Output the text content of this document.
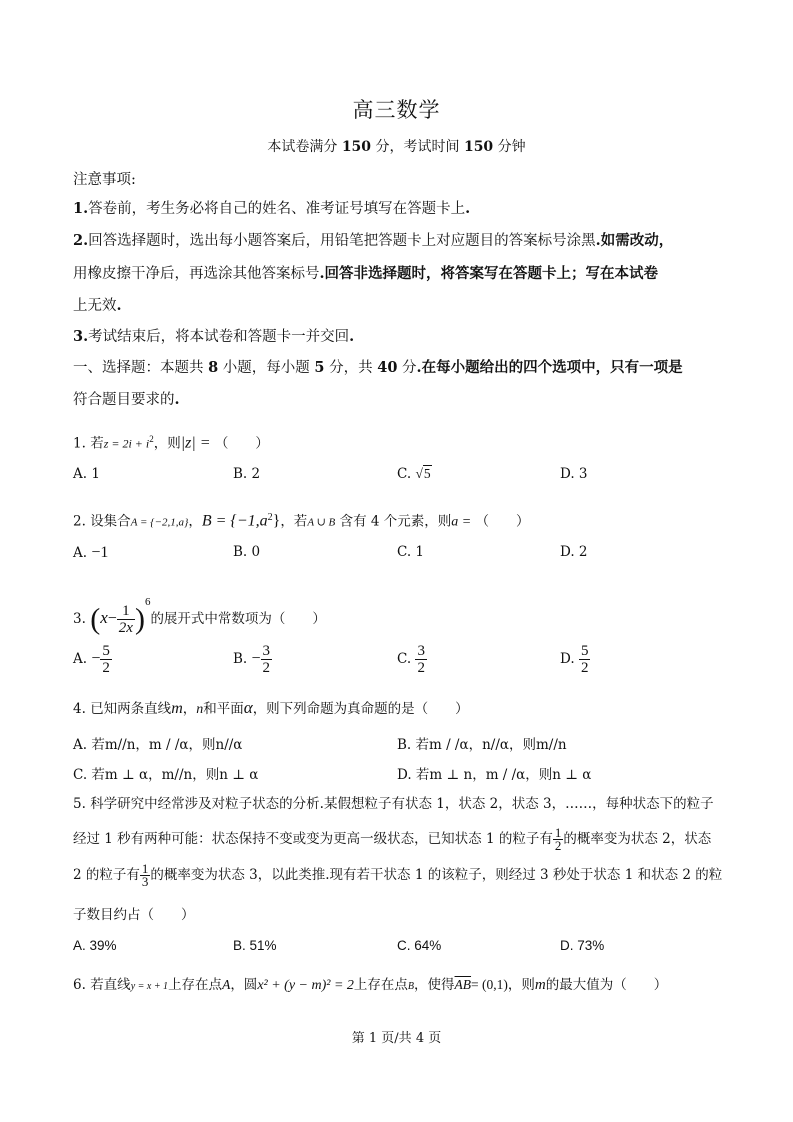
高三数学
本试卷满分 150 分，考试时间 150 分钟
注意事项:
1.答卷前，考生务必将自己的姓名、准考证号填写在答题卡上.
2.回答选择题时，选出每小题答案后，用铅笔把答题卡上对应题目的答案标号涂黑.如需改动，
用橡皮擦干净后，再选涂其他答案标号.回答非选择题时，将答案写在答题卡上；写在本试卷
上无效.
3.考试结束后，将本试卷和答题卡一并交回.
一、选择题：本题共 8 小题，每小题 5 分，共 40 分.在每小题给出的四个选项中，只有一项是
符合题目要求的.
1. 若$z = 2i + i^2$，则|z| = （　　）
A. 1	B. 2	C. √5	D. 3
2. 设集合A = {−2,1,a}，$B = \{-1,a^2\}$，若A ∪ B 含有 4 个元素，则a = （　　）
A. −1	B. 0	C. 1	D. 2
3. $(x- \frac{1}{2x} )^6$的展开式中常数项为（　　）
A. − $\frac{5}{2}$	B. − $\frac{3}{2}$	C. $\frac{3}{2}$	D. $\frac{5}{2}$
4. 已知两条直线m，n和平面α，则下列命题为真命题的是（　　）
A. 若m//n，m / /α，则n//α	B. 若m / /α，n//α，则m//n
C. 若m ⊥ α，m//n，则n ⊥ α	D. 若m ⊥ n，m / /α，则n ⊥ α
5. 科学研究中经常涉及对粒子状态的分析.某假想粒子有状态 1，状态 2，状态 3，……，每种状态下的粒子
经过 1 秒有两种可能：状态保持不变或变为更高一级状态，已知状态 1 的粒子有 $\frac{1}{2}$ 的概率变为状态 2，状态
2 的粒子有 $\frac{1}{3}$ 的概率变为状态 3，以此类推.现有若干状态 1 的该粒子，则经过 3 秒处于状态 1 和状态 2 的粒
子数目约占（　　）
A. 39%	B. 51%	C. 64%	D. 73%
6. 若直线y = x + 1上存在点A，圆x² + (y − m)² = 2上存在点B，使得$\overline{AB}= (0,1)$，则m的最大值为（　　）
第 1 页/共 4 页
